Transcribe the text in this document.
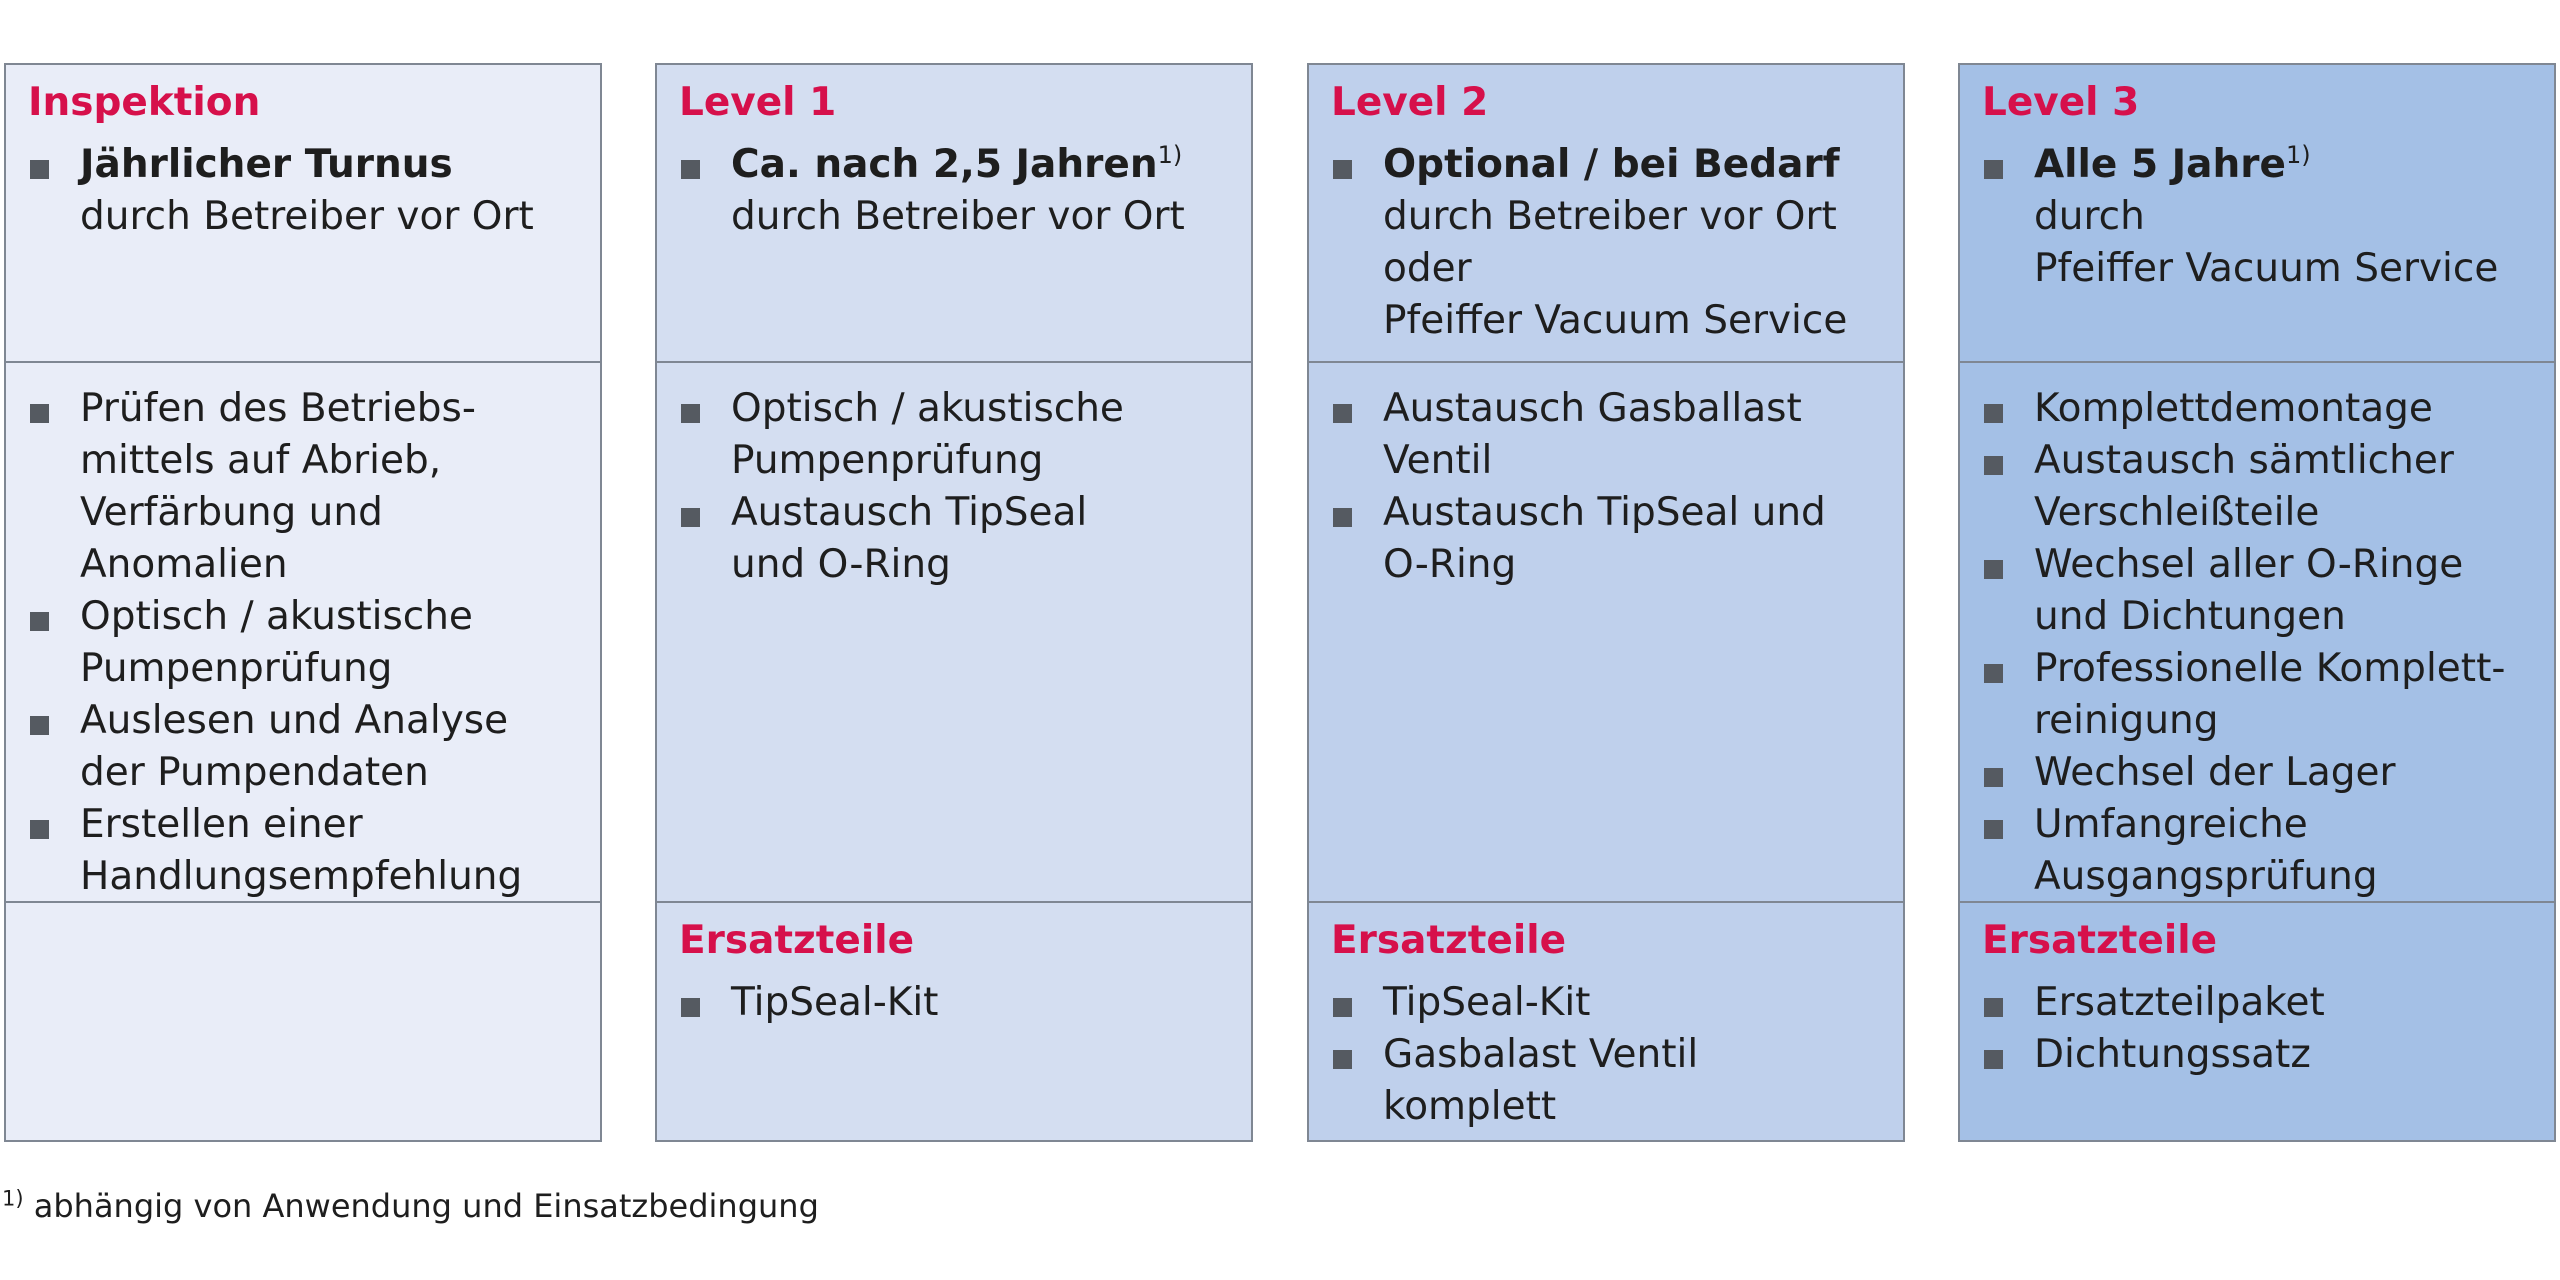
Inspektion
Jährlicher Turnus
durch Betreiber vor Ort
Prüfen des Betriebsmittels auf Abrieb, Verfärbung und Anomalien
Optisch / akustische Pumpenprüfung
Auslesen und Analyse der Pumpendaten
Erstellen einer Handlungsempfehlung
Level 1
Ca. nach 2,5 Jahren$^{1)}$
durch Betreiber vor Ort
Optisch / akustische Pumpenprüfung
Austausch TipSeal und O-Ring
Ersatzteile
TipSeal-Kit
Level 2
Optional / bei Bedarf
durch Betreiber vor Ort
oder
Pfeiffer Vacuum Service
Austausch Gasballast Ventil
Austausch TipSeal und O-Ring
Ersatzteile
TipSeal-Kit
Gasbalast Ventil komplett
Level 3
Alle 5 Jahre$^{1)}$
durch
Pfeiffer Vacuum Service
Komplettdemontage
Austausch sämtlicher Verschleißteile
Wechsel aller O-Ringe und Dichtungen
Professionelle Komplettreinigung
Wechsel der Lager
Umfangreiche Ausgangsprüfung
Ersatzteile
Ersatzteilpaket
Dichtungssatz
$^{1)}$ abhängig von Anwendung und Einsatzbedingung
